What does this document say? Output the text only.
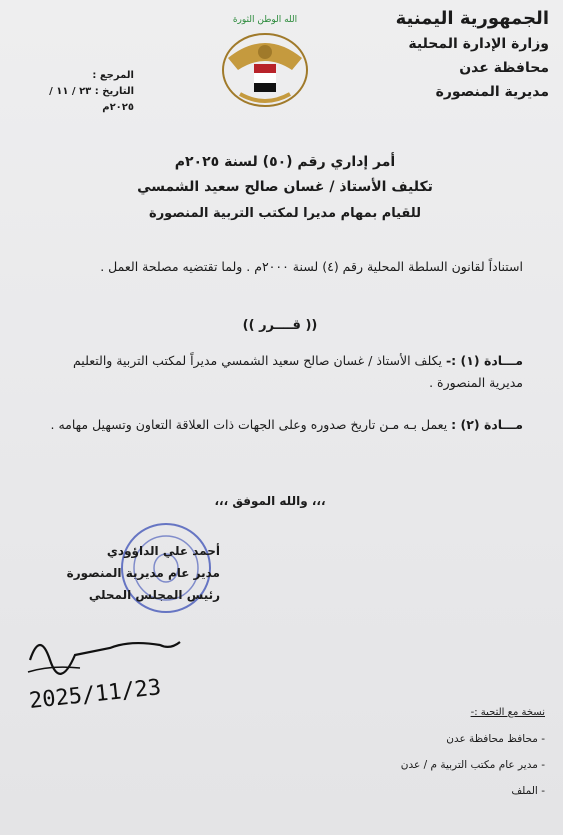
الجمهورية اليمنية
وزارة الإدارة المحلية
محافظة عدن
مديرية المنصورة
الله الوطن الثورة
المرجع :
التاريخ : ٢٣ / ١١ / ٢٠٢٥م
أمر إداري رقم (٥٠) لسنة ٢٠٢٥م
تكليف الأستاذ / غسان صالح سعيد الشمسي
للقيام بمهام مديرا لمكتب التربية المنصورة
استناداً لقانون السلطة المحلية رقم (٤) لسنة ٢٠٠٠م . ولما تقتضيه مصلحة العمل .
(( قــــرر ))
مـــادة (١) :- يكلف الأستاذ / غسان صالح سعيد الشمسي مديراً لمكتب التربية والتعليم مديرية المنصورة .
مـــادة (٢) : يعمل بـه مـن تاريخ صدوره وعلى الجهات ذات العلاقة التعاون وتسهيل مهامه .
،،، والله الموفق ،،،
أحمد علي الداؤودي
مدير عام مديرية المنصورة
رئيس المجلس المحلي
2025/11/23	نسخة مع التحية :-
- محافظ محافظة عدن
- مدير عام مكتب التربية م / عدن
- الملف
